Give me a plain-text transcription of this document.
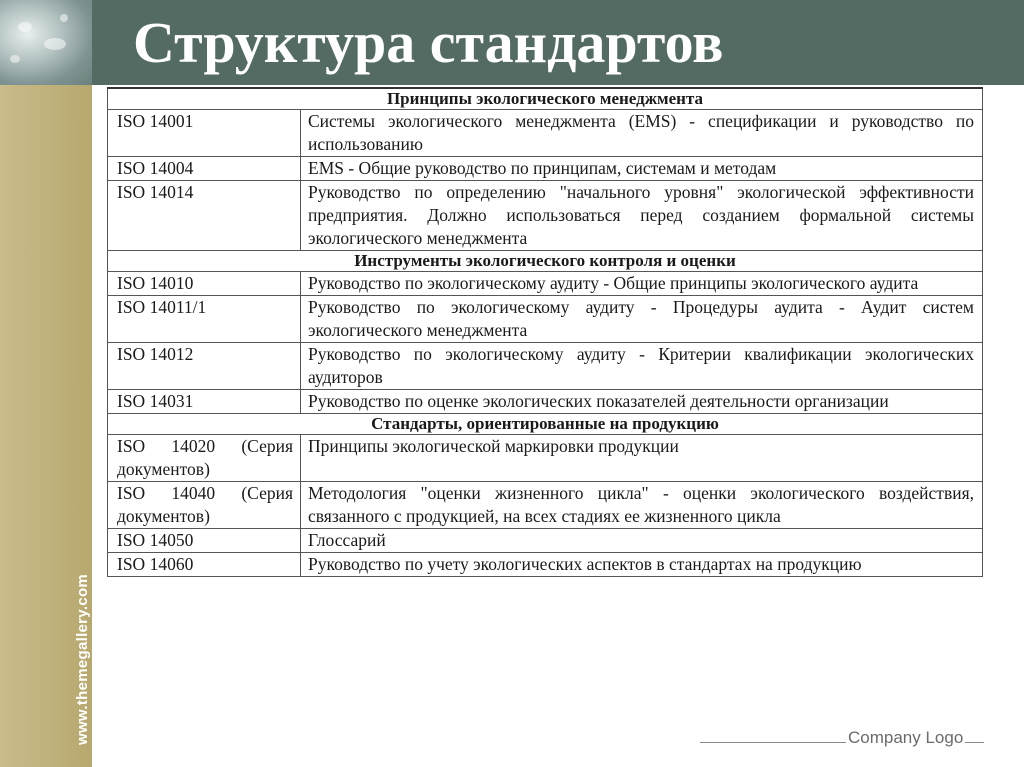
Структура стандартов
www.themegallery.com
Принципы экологического менеджмента	
ISO 14001	Системы экологического менеджмента (EMS) - спецификации и руководство по использованию
ISO 14004	EMS - Общие руководство по принципам, системам и методам
ISO 14014	Руководство по определению "начального уровня" экологической эффективности предприятия. Должно использоваться перед созданием формальной системы экологического менеджмента
Инструменты экологического контроля и оценки	
ISO 14010	Руководство по экологическому аудиту - Общие принципы экологического аудита
ISO 14011/1	Руководство по экологическому аудиту - Процедуры аудита - Аудит систем экологического менеджмента
ISO 14012	Руководство по экологическому аудиту - Критерии квалификации экологических аудиторов
ISO 14031	Руководство по оценке экологических показателей деятельности организации
Стандарты, ориентированные на продукцию	
ISO 14020 (Серия документов)	Принципы экологической маркировки продукции
ISO 14040 (Серия документов)	Методология "оценки жизненного цикла" - оценки экологического воздействия, связанного с продукцией, на всех стадиях ее жизненного цикла
ISO 14050	Глоссарий
ISO 14060	Руководство по учету экологических аспектов в стандартах на продукцию
Company Logo
